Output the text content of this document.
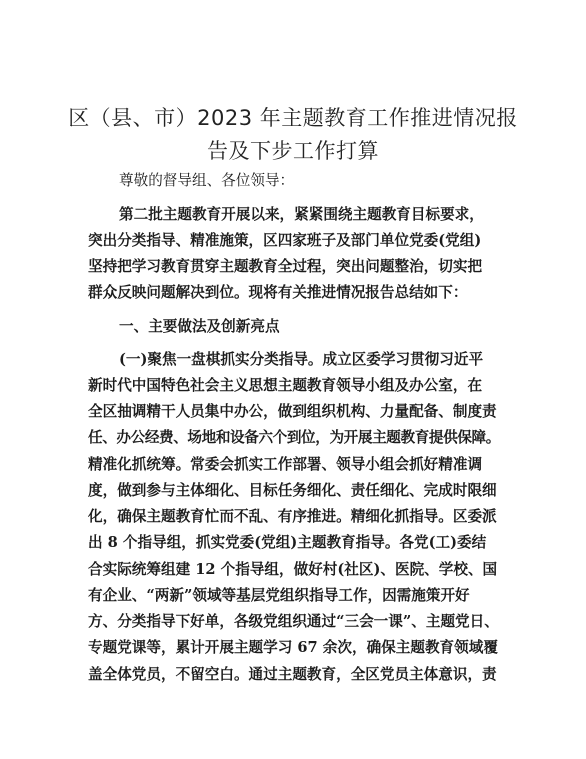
区（县、市）2023 年主题教育工作推进情况报
告及下步工作打算
尊敬的督导组、各位领导：
第二批主题教育开展以来，紧紧围绕主题教育目标要求，
突出分类指导、精准施策，区四家班子及部门单位党委(党组)
坚持把学习教育贯穿主题教育全过程，突出问题整治，切实把
群众反映问题解决到位。现将有关推进情况报告总结如下：
一、主要做法及创新亮点
(一)聚焦一盘棋抓实分类指导。成立区委学习贯彻习近平
新时代中国特色社会主义思想主题教育领导小组及办公室，在
全区抽调精干人员集中办公，做到组织机构、力量配备、制度责
任、办公经费、场地和设备六个到位，为开展主题教育提供保障。
精准化抓统筹。常委会抓实工作部署、领导小组会抓好精准调
度，做到参与主体细化、目标任务细化、责任细化、完成时限细
化，确保主题教育忙而不乱、有序推进。精细化抓指导。区委派
出 8 个指导组，抓实党委(党组)主题教育指导。各党(工)委结
合实际统筹组建 12 个指导组，做好村(社区)、医院、学校、国
有企业、“两新”领域等基层党组织指导工作，因需施策开好
方、分类指导下好单，各级党组织通过“三会一课”、主题党日、
专题党课等，累计开展主题学习 67 余次，确保主题教育领域覆
盖全体党员，不留空白。通过主题教育，全区党员主体意识，责
